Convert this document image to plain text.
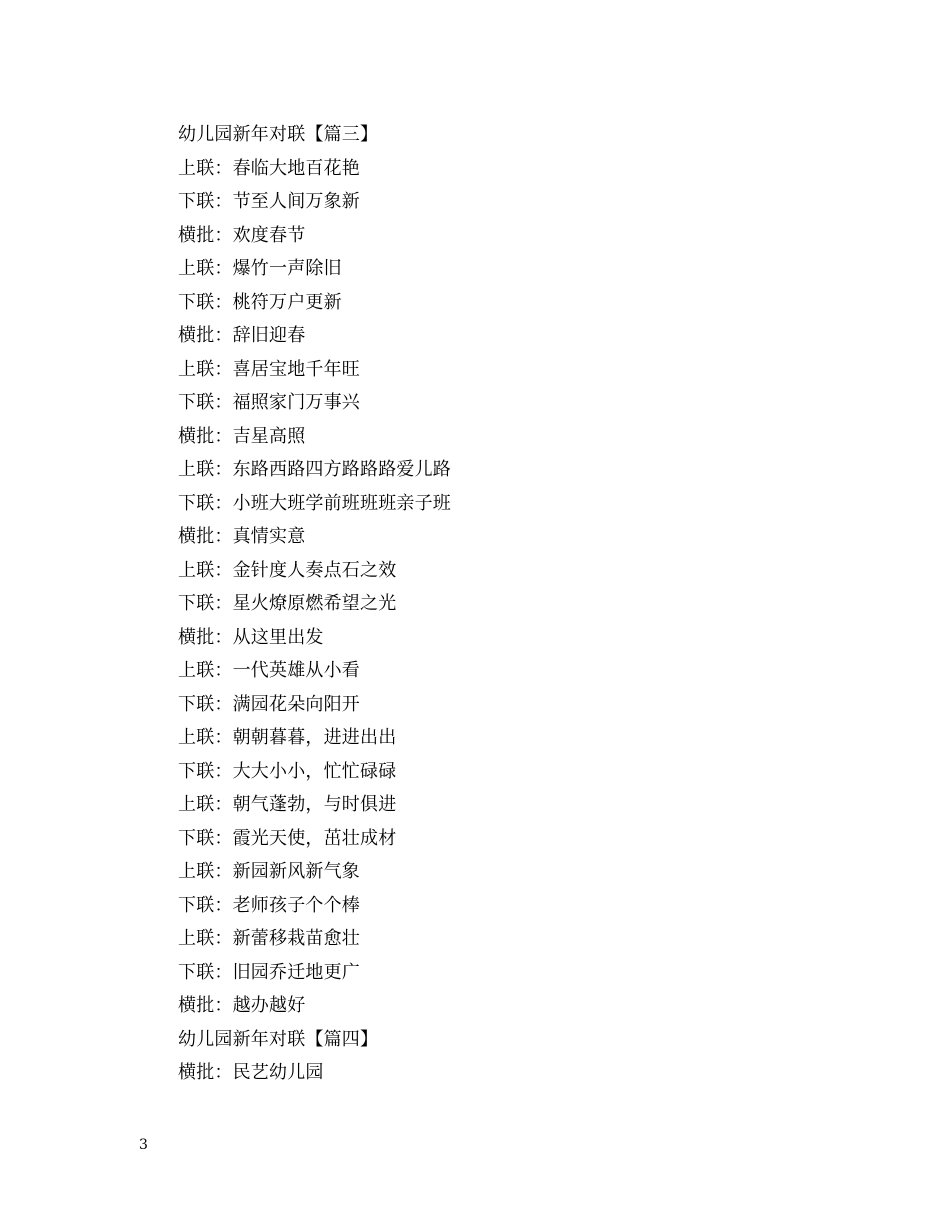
幼儿园新年对联【篇三】
上联：春临大地百花艳
下联：节至人间万象新
横批：欢度春节
上联：爆竹一声除旧
下联：桃符万户更新
横批：辞旧迎春
上联：喜居宝地千年旺
下联：福照家门万事兴
横批：吉星高照
上联：东路西路四方路路路爱儿路
下联：小班大班学前班班班亲子班
横批：真情实意
上联：金针度人奏点石之效
下联：星火燎原燃希望之光
横批：从这里出发
上联：一代英雄从小看
下联：满园花朵向阳开
上联：朝朝暮暮，进进出出
下联：大大小小，忙忙碌碌
上联：朝气蓬勃，与时俱进
下联：霞光天使，茁壮成材
上联：新园新风新气象
下联：老师孩子个个棒
上联：新蕾移栽苗愈壮
下联：旧园乔迁地更广
横批：越办越好
幼儿园新年对联【篇四】
横批：民艺幼儿园
3
